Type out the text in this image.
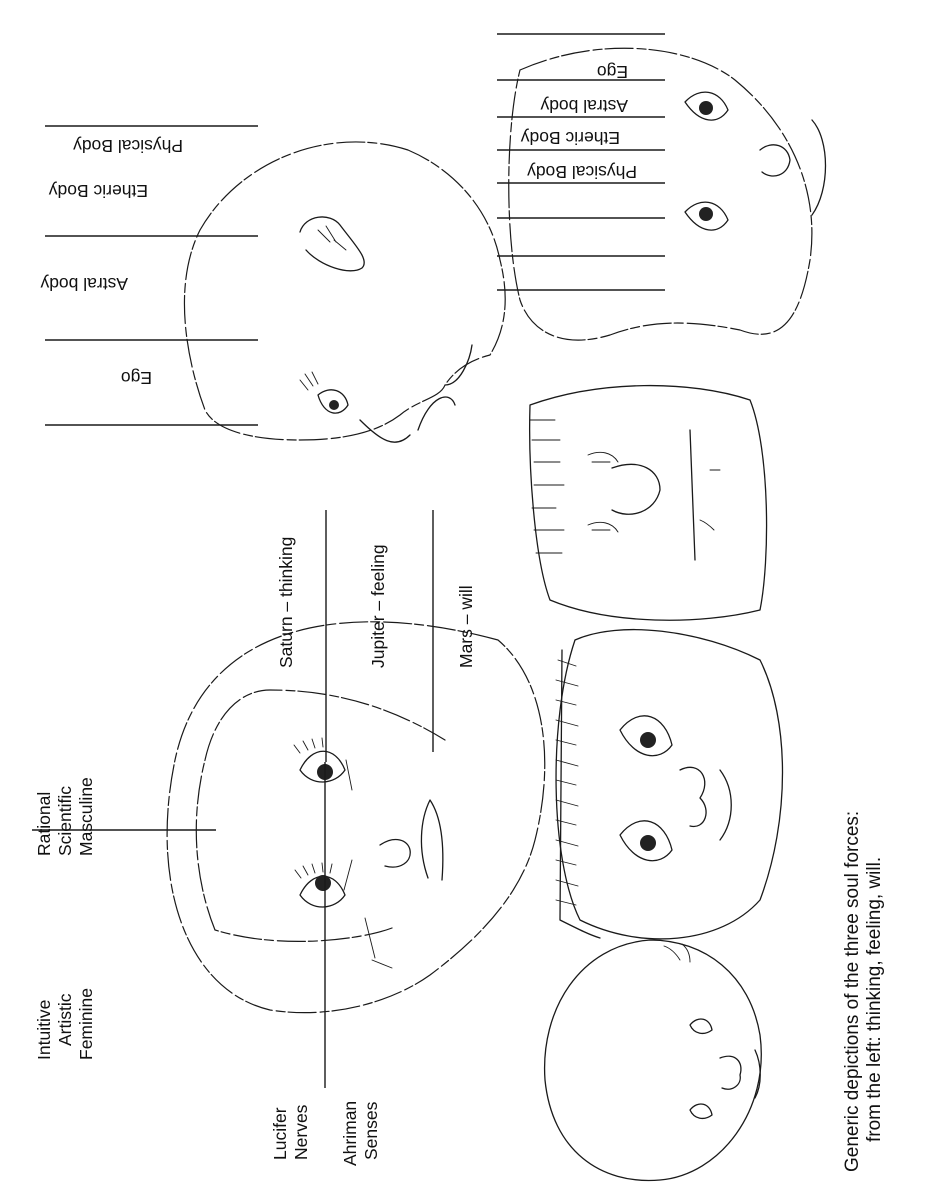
Rational Scientific Masculine
Intuitive Artistic Feminine
Lucifer Nerves Ahriman Senses
Saturn – thinking	Jupiter – feeling	Mars – will
Physical Body
Etheric Body
Astral body
Ego
Physical Body
Etheric Body
Astral body
Ego
Generic depictions of the three soul forces: from the left: thinking, feeling, will.
